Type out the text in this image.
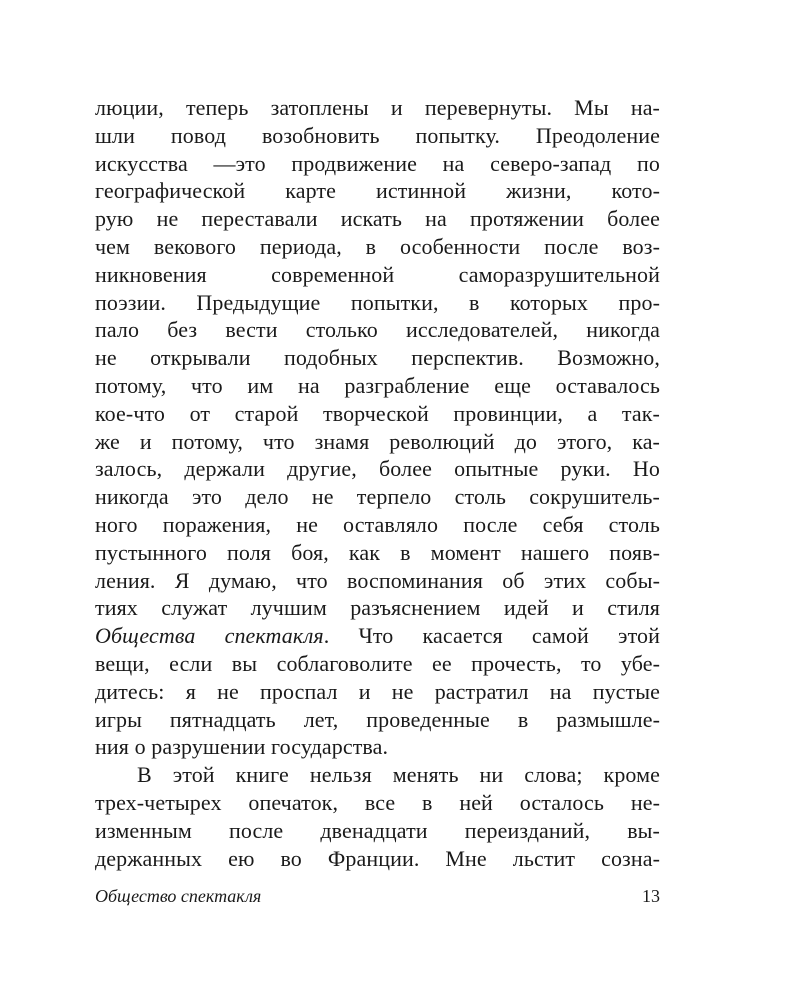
люции, теперь затоплены и перевернуты. Мы на-
шли повод возобновить попытку. Преодоление
искусства —это продвижение на северо-запад по
географической карте истинной жизни, кото-
рую не переставали искать на протяжении более
чем векового периода, в особенности после воз-
никновения современной саморазрушительной
поэзии. Предыдущие попытки, в которых про-
пало без вести столько исследователей, никогда
не открывали подобных перспектив. Возможно,
потому, что им на разграбление еще оставалось
кое-что от старой творческой провинции, а так-
же и потому, что знамя революций до этого, ка-
залось, держали другие, более опытные руки. Но
никогда это дело не терпело столь сокрушитель-
ного поражения, не оставляло после себя столь
пустынного поля боя, как в момент нашего появ-
ления. Я думаю, что воспоминания об этих собы-
тиях служат лучшим разъяснением идей и стиля
Общества спектакля. Что касается самой этой
вещи, если вы соблаговолите ее прочесть, то убе-
дитесь: я не проспал и не растратил на пустые
игры пятнадцать лет, проведенные в размышле-
ния о разрушении государства.
В этой книге нельзя менять ни слова; кроме
трех-четырех опечаток, все в ней осталось не-
изменным после двенадцати переизданий, вы-
держанных ею во Франции. Мне льстит созна-
Общество спектакля	13
